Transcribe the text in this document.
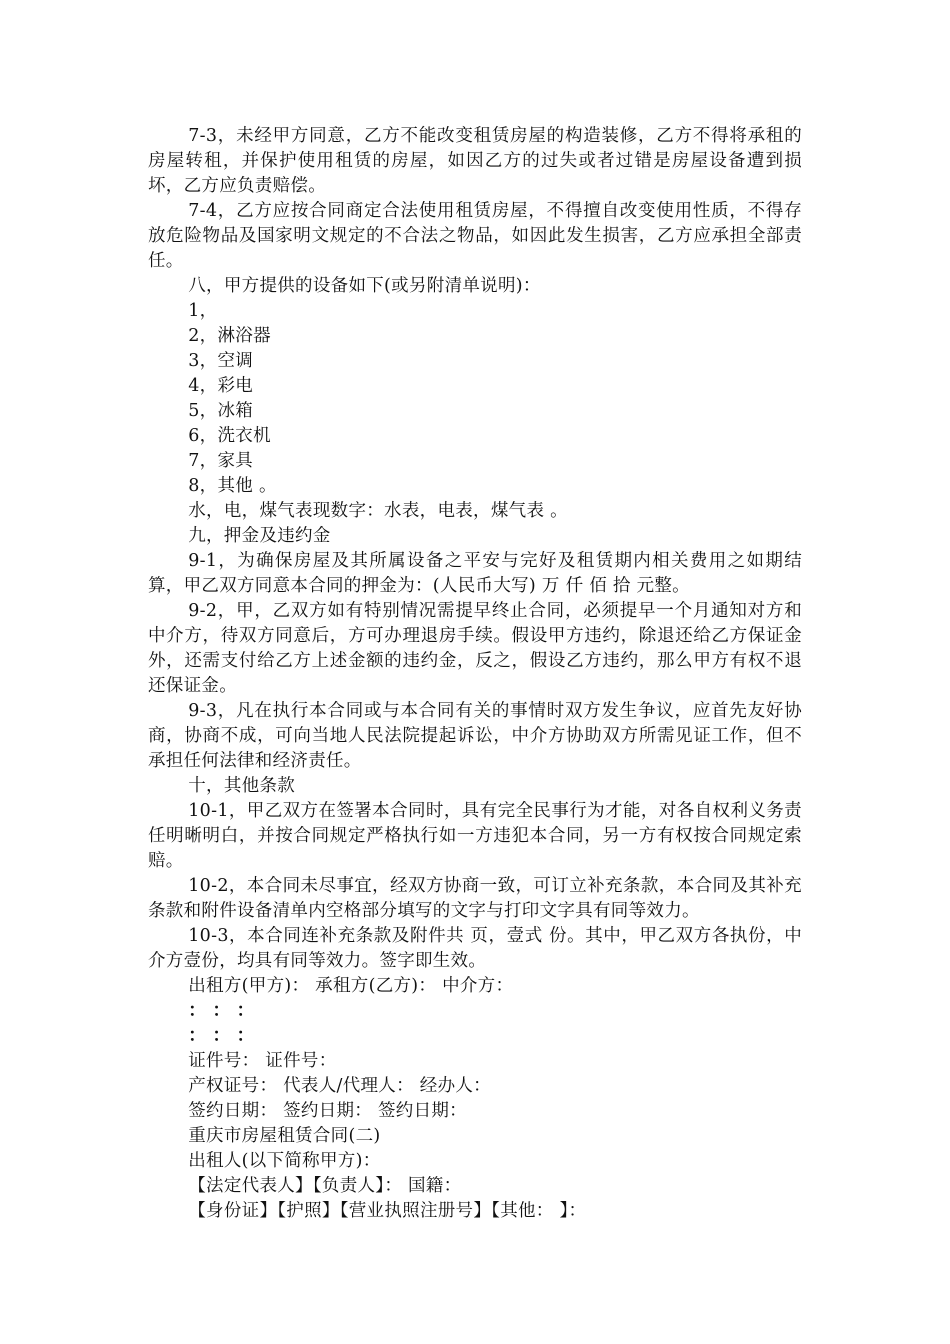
7-3，未经甲方同意，乙方不能改变租赁房屋的构造装修，乙方不得将承租的房屋转租，并保护使用租赁的房屋，如因乙方的过失或者过错是房屋设备遭到损坏，乙方应负责赔偿。

7-4，乙方应按合同商定合法使用租赁房屋，不得擅自改变使用性质，不得存放危险物品及国家明文规定的不合法之物品，如因此发生损害，乙方应承担全部责任。

八，甲方提供的设备如下(或另附清单说明)：

1，

2，淋浴器

3，空调

4，彩电

5，冰箱

6，洗衣机

7，家具

8，其他 。

水，电，煤气表现数字：水表，电表，煤气表 。

九，押金及违约金

9-1，为确保房屋及其所属设备之平安与完好及租赁期内相关费用之如期结算，甲乙双方同意本合同的押金为：(人民币大写) 万 仟 佰 拾 元整。

9-2，甲，乙双方如有特别情况需提早终止合同，必须提早一个月通知对方和中介方，待双方同意后，方可办理退房手续。假设甲方违约，除退还给乙方保证金外，还需支付给乙方上述金额的违约金，反之，假设乙方违约，那么甲方有权不退还保证金。

9-3，凡在执行本合同或与本合同有关的事情时双方发生争议，应首先友好协商，协商不成，可向当地人民法院提起诉讼，中介方协助双方所需见证工作，但不承担任何法律和经济责任。

十，其他条款

10-1，甲乙双方在签署本合同时，具有完全民事行为才能，对各自权利义务责任明晰明白，并按合同规定严格执行如一方违犯本合同，另一方有权按合同规定索赔。

10-2，本合同未尽事宜，经双方协商一致，可订立补充条款，本合同及其补充条款和附件设备清单内空格部分填写的文字与打印文字具有同等效力。

10-3，本合同连补充条款及附件共 页，壹式 份。其中，甲乙双方各执份，中介方壹份，均具有同等效力。签字即生效。

出租方(甲方)： 承租方(乙方)： 中介方：

： ： ：

： ： ：

证件号： 证件号：

产权证号： 代表人/代理人： 经办人：

签约日期： 签约日期： 签约日期：

重庆市房屋租赁合同(二)

出租人(以下简称甲方)：

【法定代表人】【负责人】： 国籍：

【身份证】【护照】【营业执照注册号】【其他： 】：
